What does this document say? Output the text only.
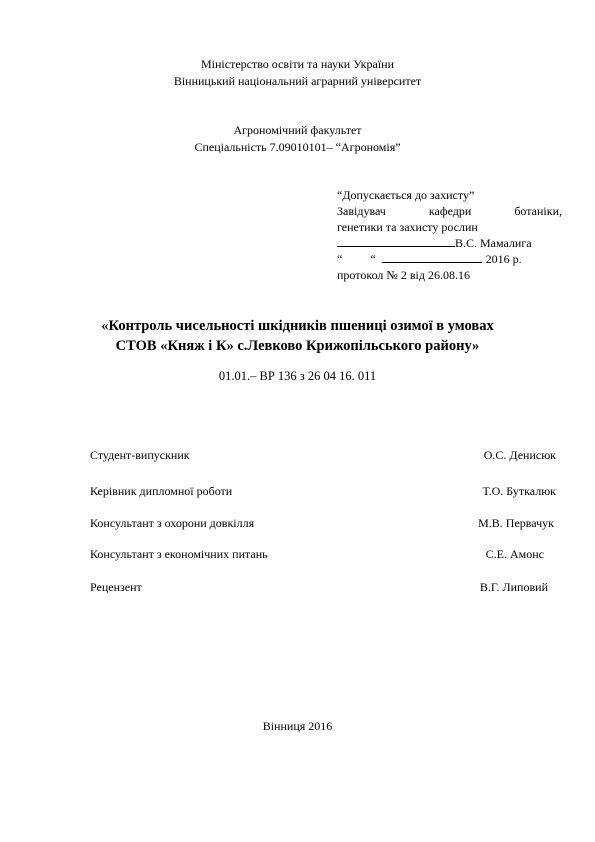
Міністерство освіти та науки України
Вінницький національний аграрний університет
Агрономічний факультет
Спеціальність 7.09010101– “Агрономія”
“Допускається до захисту”
Завідувач	кафедри	ботаніки,
генетики та захисту рослин
В.С. Мамалига
“ “	2016 р.
протокол № 2 від 26.08.16
«Контроль чисельності шкідників пшениці озимої в умовах
СТОВ «Княж і К» с.Левково Крижопільського району»
01.01.– ВР 136 з 26 04 16. 011
Студент-випускник	О.С. Денисюк
Керівник дипломної роботи	Т.О. Буткалюк
Консультант з охорони довкілля	М.В. Первачук
Консультант з економічних питань	С.Е. Амонс
Рецензент	В.Г. Липовий
Вінниця 2016
